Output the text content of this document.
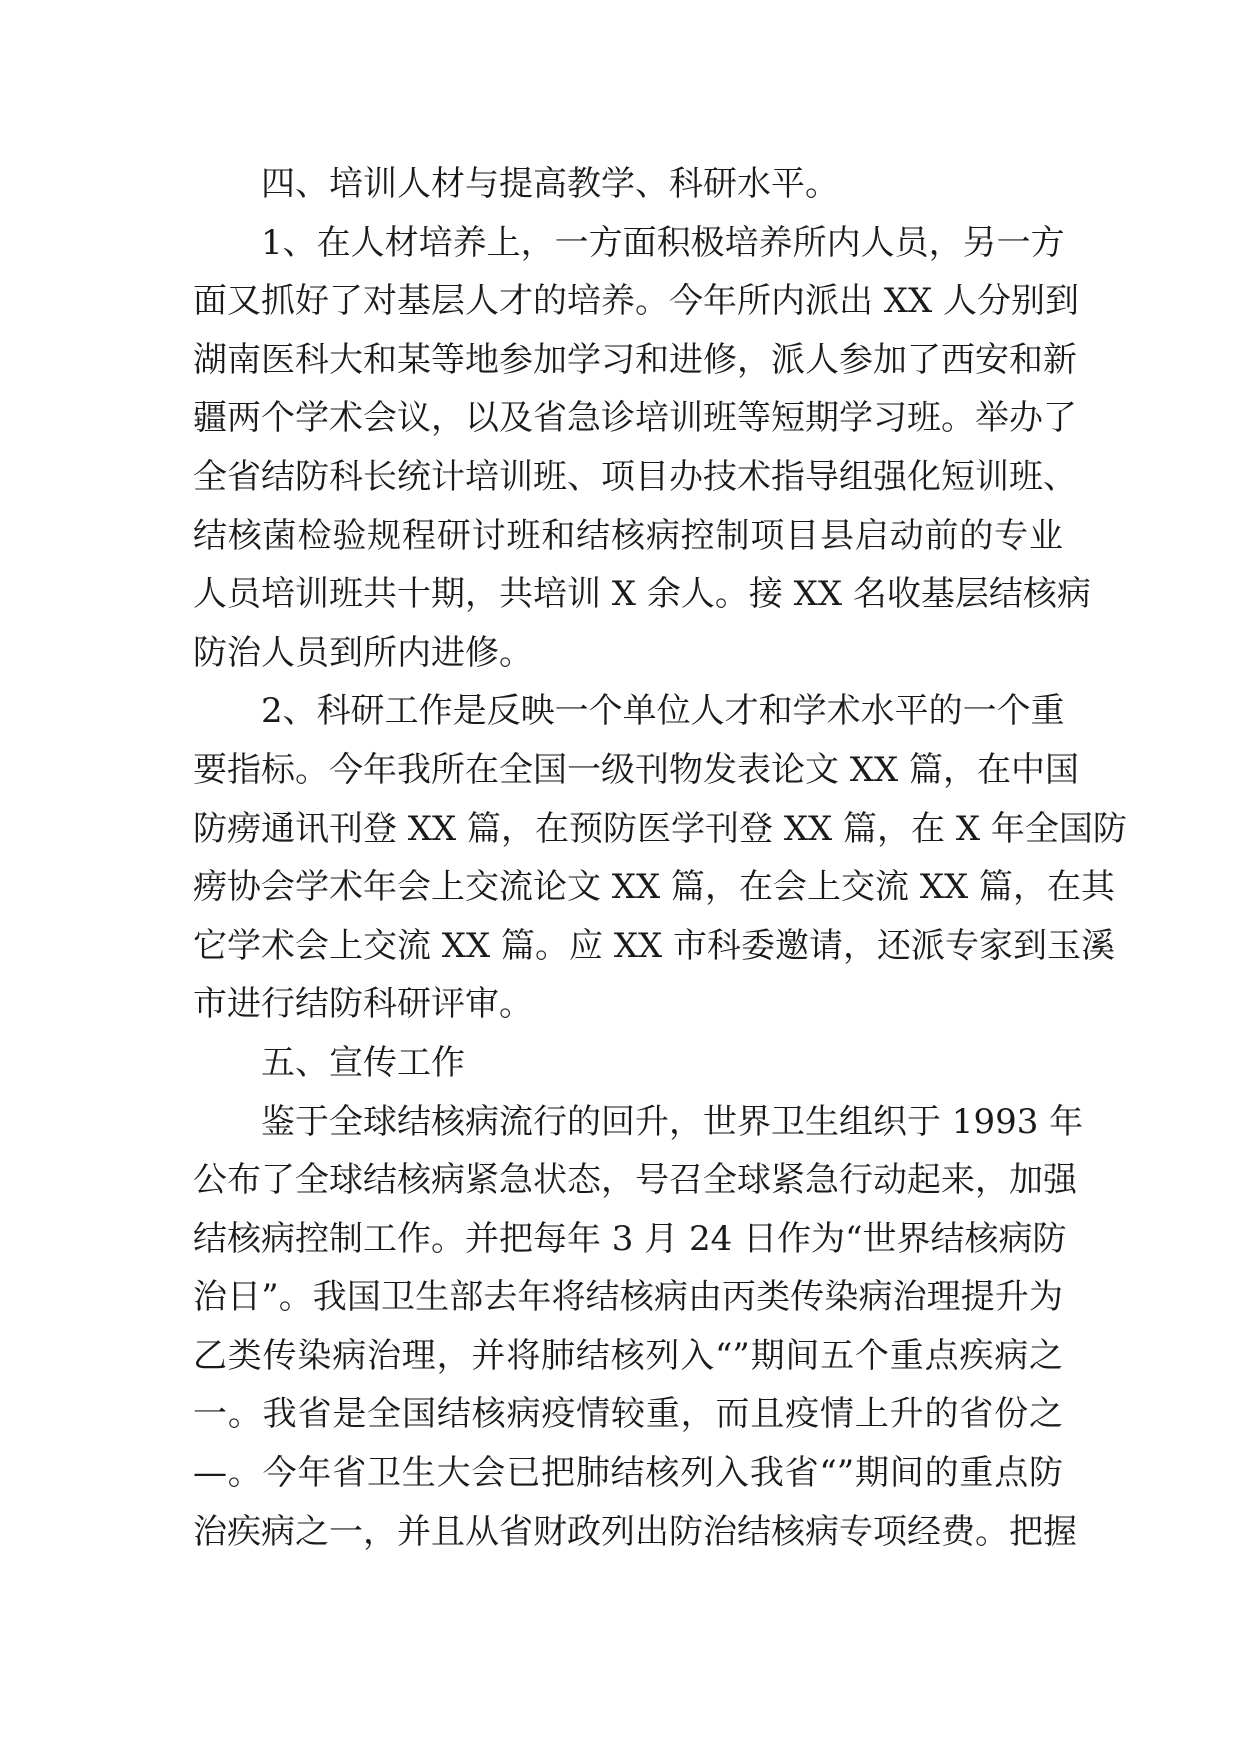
四、培训人材与提高教学、科研水平。
1、在人材培养上，一方面积极培养所内人员，另一方
面又抓好了对基层人才的培养。今年所内派出 XX 人分别到
湖南医科大和某等地参加学习和进修，派人参加了西安和新
疆两个学术会议，以及省急诊培训班等短期学习班。举办了
全省结防科长统计培训班、项目办技术指导组强化短训班、
结核菌检验规程研讨班和结核病控制项目县启动前的专业
人员培训班共十期，共培训 X 余人。接 XX 名收基层结核病
防治人员到所内进修。
2、科研工作是反映一个单位人才和学术水平的一个重
要指标。今年我所在全国一级刊物发表论文 XX 篇，在中国
防痨通讯刊登 XX 篇，在预防医学刊登 XX 篇，在 X 年全国防
痨协会学术年会上交流论文 XX 篇，在会上交流 XX 篇，在其
它学术会上交流 XX 篇。应 XX 市科委邀请，还派专家到玉溪
市进行结防科研评审。
五、宣传工作
鉴于全球结核病流行的回升，世界卫生组织于 1993 年
公布了全球结核病紧急状态，号召全球紧急行动起来，加强
结核病控制工作。并把每年 3 月 24 日作为“世界结核病防
治日”。我国卫生部去年将结核病由丙类传染病治理提升为
乙类传染病治理，并将肺结核列入“”期间五个重点疾病之
一。我省是全国结核病疫情较重，而且疫情上升的省份之
—。今年省卫生大会已把肺结核列入我省“”期间的重点防
治疾病之一，并且从省财政列出防治结核病专项经费。把握
